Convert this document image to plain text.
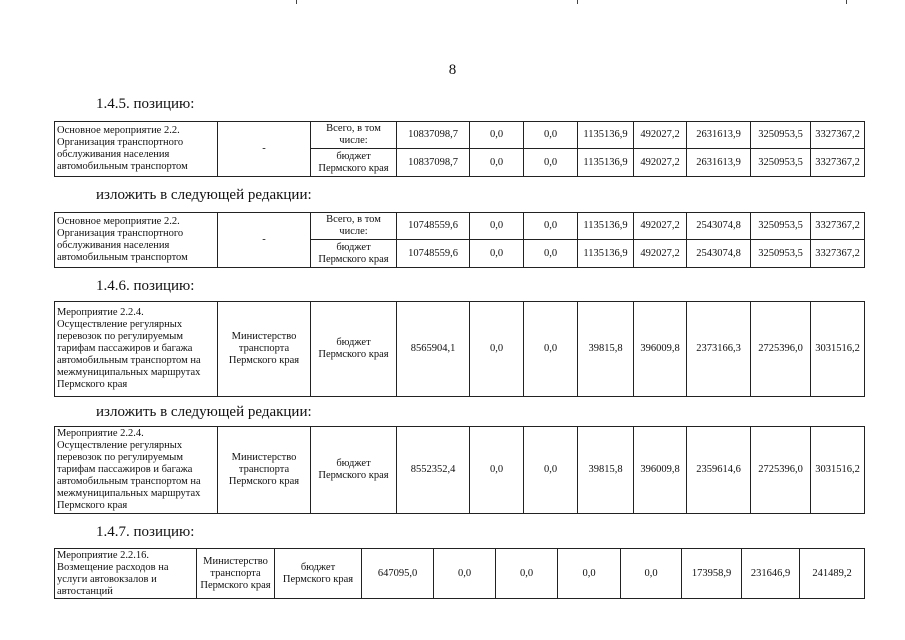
8
1.4.5. позицию:
Основное мероприятие 2.2. Организация транспортного обслуживания населения автомобильным транспортом	-	Всего, в том числе:	10837098,7	0,0	0,0	1135136,9	492027,2	2631613,9	3250953,5	3327367,2
		бюджет Пермского края	10837098,7	0,0	0,0	1135136,9	492027,2	2631613,9	3250953,5	3327367,2
изложить в следующей редакции:
Основное мероприятие 2.2. Организация транспортного обслуживания населения автомобильным транспортом	-	Всего, в том числе:	10748559,6	0,0	0,0	1135136,9	492027,2	2543074,8	3250953,5	3327367,2
		бюджет Пермского края	10748559,6	0,0	0,0	1135136,9	492027,2	2543074,8	3250953,5	3327367,2
1.4.6. позицию:
Мероприятие 2.2.4. Осуществление регулярных перевозок по регулируемым тарифам пассажиров и багажа автомобильным транспортом на межмуниципальных маршрутах Пермского края	Министерство транспорта Пермского края	бюджет Пермского края	8565904,1	0,0	0,0	39815,8	396009,8	2373166,3	2725396,0	3031516,2
изложить в следующей редакции:
Мероприятие 2.2.4. Осуществление регулярных перевозок по регулируемым тарифам пассажиров и багажа автомобильным транспортом на межмуниципальных маршрутах Пермского края	Министерство транспорта Пермского края	бюджет Пермского края	8552352,4	0,0	0,0	39815,8	396009,8	2359614,6	2725396,0	3031516,2
1.4.7. позицию:
Мероприятие 2.2.16. Возмещение расходов на услуги автовокзалов и автостанций	Министерство транспорта Пермского края	бюджет Пермского края	647095,0	0,0	0,0	0,0	0,0	173958,9	231646,9	241489,2
